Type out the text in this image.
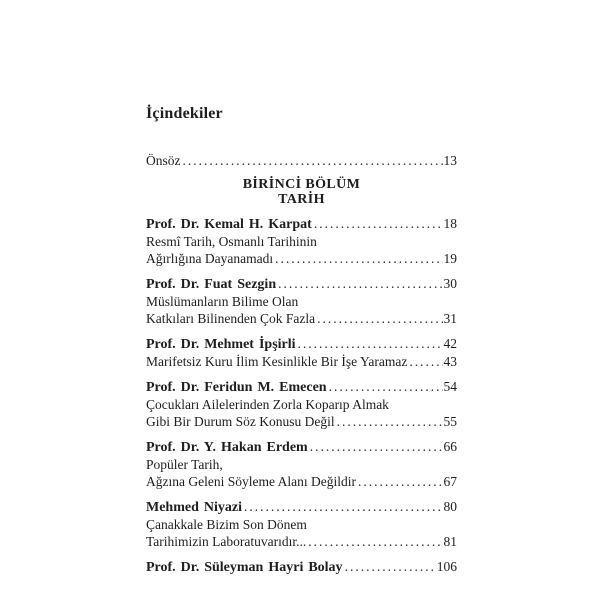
İçindekiler
Önsöz .....	13
BİRİNCİ BÖLÜM
TARİH
Prof. Dr. Kemal H. Karpat .....	18
Resmî Tarih, Osmanlı Tarihinin
Ağırlığına Dayanamadı .....	19
Prof. Dr. Fuat Sezgin .....	30
Müslümanların Bilime Olan
Katkıları Bilinenden Çok Fazla .....	31
Prof. Dr. Mehmet İpşirli .....	42
Marifetsiz Kuru İlim Kesinlikle Bir İşe Yaramaz .....	43
Prof. Dr. Feridun M. Emecen .....	54
Çocukları Ailelerinden Zorla Koparıp Almak
Gibi Bir Durum Söz Konusu Değil .....	55
Prof. Dr. Y. Hakan Erdem .....	66
Popüler Tarih,
Ağzına Geleni Söyleme Alanı Değildir .....	67
Mehmed Niyazi .....	80
Çanakkale Bizim Son Dönem
Tarihimizin Laboratuvarıdır... .....	81
Prof. Dr. Süleyman Hayri Bolay .....	106
